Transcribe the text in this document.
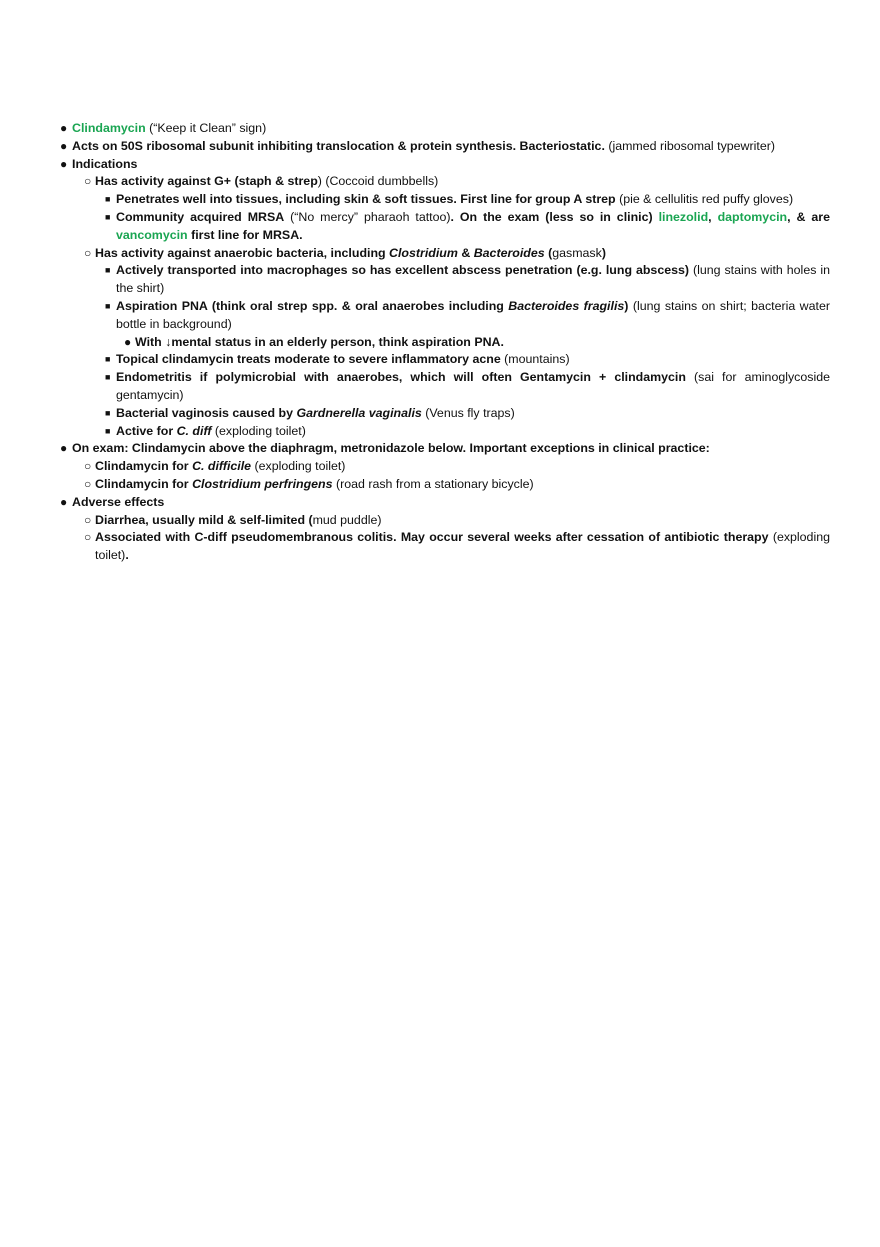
● Clindamycin (“Keep it Clean” sign)
● Acts on 50S ribosomal subunit inhibiting translocation & protein synthesis. Bacteriostatic. (jammed ribosomal typewriter)
● Indications
○ Has activity against G+ (staph & strep) (Coccoid dumbbells)
■ Penetrates well into tissues, including skin & soft tissues. First line for group A strep (pie & cellulitis red puffy gloves)
■ Community acquired MRSA (“No mercy” pharaoh tattoo). On the exam (less so in clinic) linezolid, daptomycin, & are vancomycin first line for MRSA.
○ Has activity against anaerobic bacteria, including Clostridium & Bacteroides (gasmask)
■ Actively transported into macrophages so has excellent abscess penetration (e.g. lung abscess) (lung stains with holes in the shirt)
■ Aspiration PNA (think oral strep spp. & oral anaerobes including Bacteroides fragilis) (lung stains on shirt; bacteria water bottle in background)
● With ↓mental status in an elderly person, think aspiration PNA.
■ Topical clindamycin treats moderate to severe inflammatory acne (mountains)
■ Endometritis if polymicrobial with anaerobes, which will often Gentamycin + clindamycin (sai for aminoglycoside gentamycin)
■ Bacterial vaginosis caused by Gardnerella vaginalis (Venus fly traps)
■ Active for C. diff (exploding toilet)
● On exam: Clindamycin above the diaphragm, metronidazole below. Important exceptions in clinical practice:
○ Clindamycin for C. difficile (exploding toilet)
○ Clindamycin for Clostridium perfringens (road rash from a stationary bicycle)
● Adverse effects
○ Diarrhea, usually mild & self-limited (mud puddle)
○ Associated with C-diff pseudomembranous colitis. May occur several weeks after cessation of antibiotic therapy (exploding toilet).
